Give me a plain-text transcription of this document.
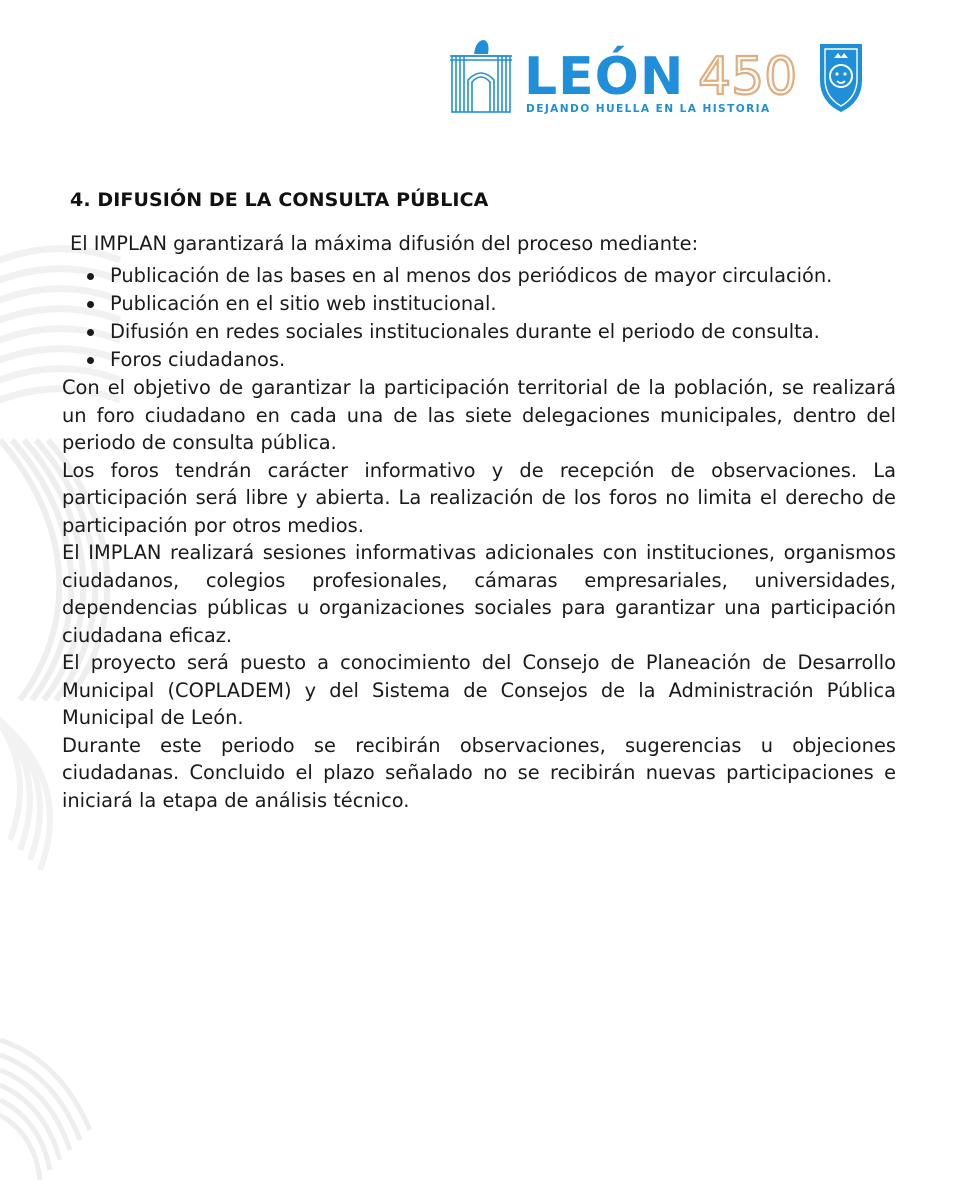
LEÓN 450
DEJANDO HUELLA EN LA HISTORIA
4. DIFUSIÓN DE LA CONSULTA PÚBLICA
El IMPLAN garantizará la máxima difusión del proceso mediante:
Publicación de las bases en al menos dos periódicos de mayor circulación.
Publicación en el sitio web institucional.
Difusión en redes sociales institucionales durante el periodo de consulta.
Foros ciudadanos.

Con el objetivo de garantizar la participación territorial de la población, se realizará un foro ciudadano en cada una de las siete delegaciones municipales, dentro del periodo de consulta pública.

Los foros tendrán carácter informativo y de recepción de observaciones. La participación será libre y abierta. La realización de los foros no limita el derecho de participación por otros medios.

El IMPLAN realizará sesiones informativas adicionales con instituciones, organismos ciudadanos, colegios profesionales, cámaras empresariales, universidades, dependencias públicas u organizaciones sociales para garantizar una participación ciudadana eficaz.

El proyecto será puesto a conocimiento del Consejo de Planeación de Desarrollo Municipal (COPLADEM) y del Sistema de Consejos de la Administración Pública Municipal de León.

Durante este periodo se recibirán observaciones, sugerencias u objeciones ciudadanas. Concluido el plazo señalado no se recibirán nuevas participaciones e iniciará la etapa de análisis técnico.
